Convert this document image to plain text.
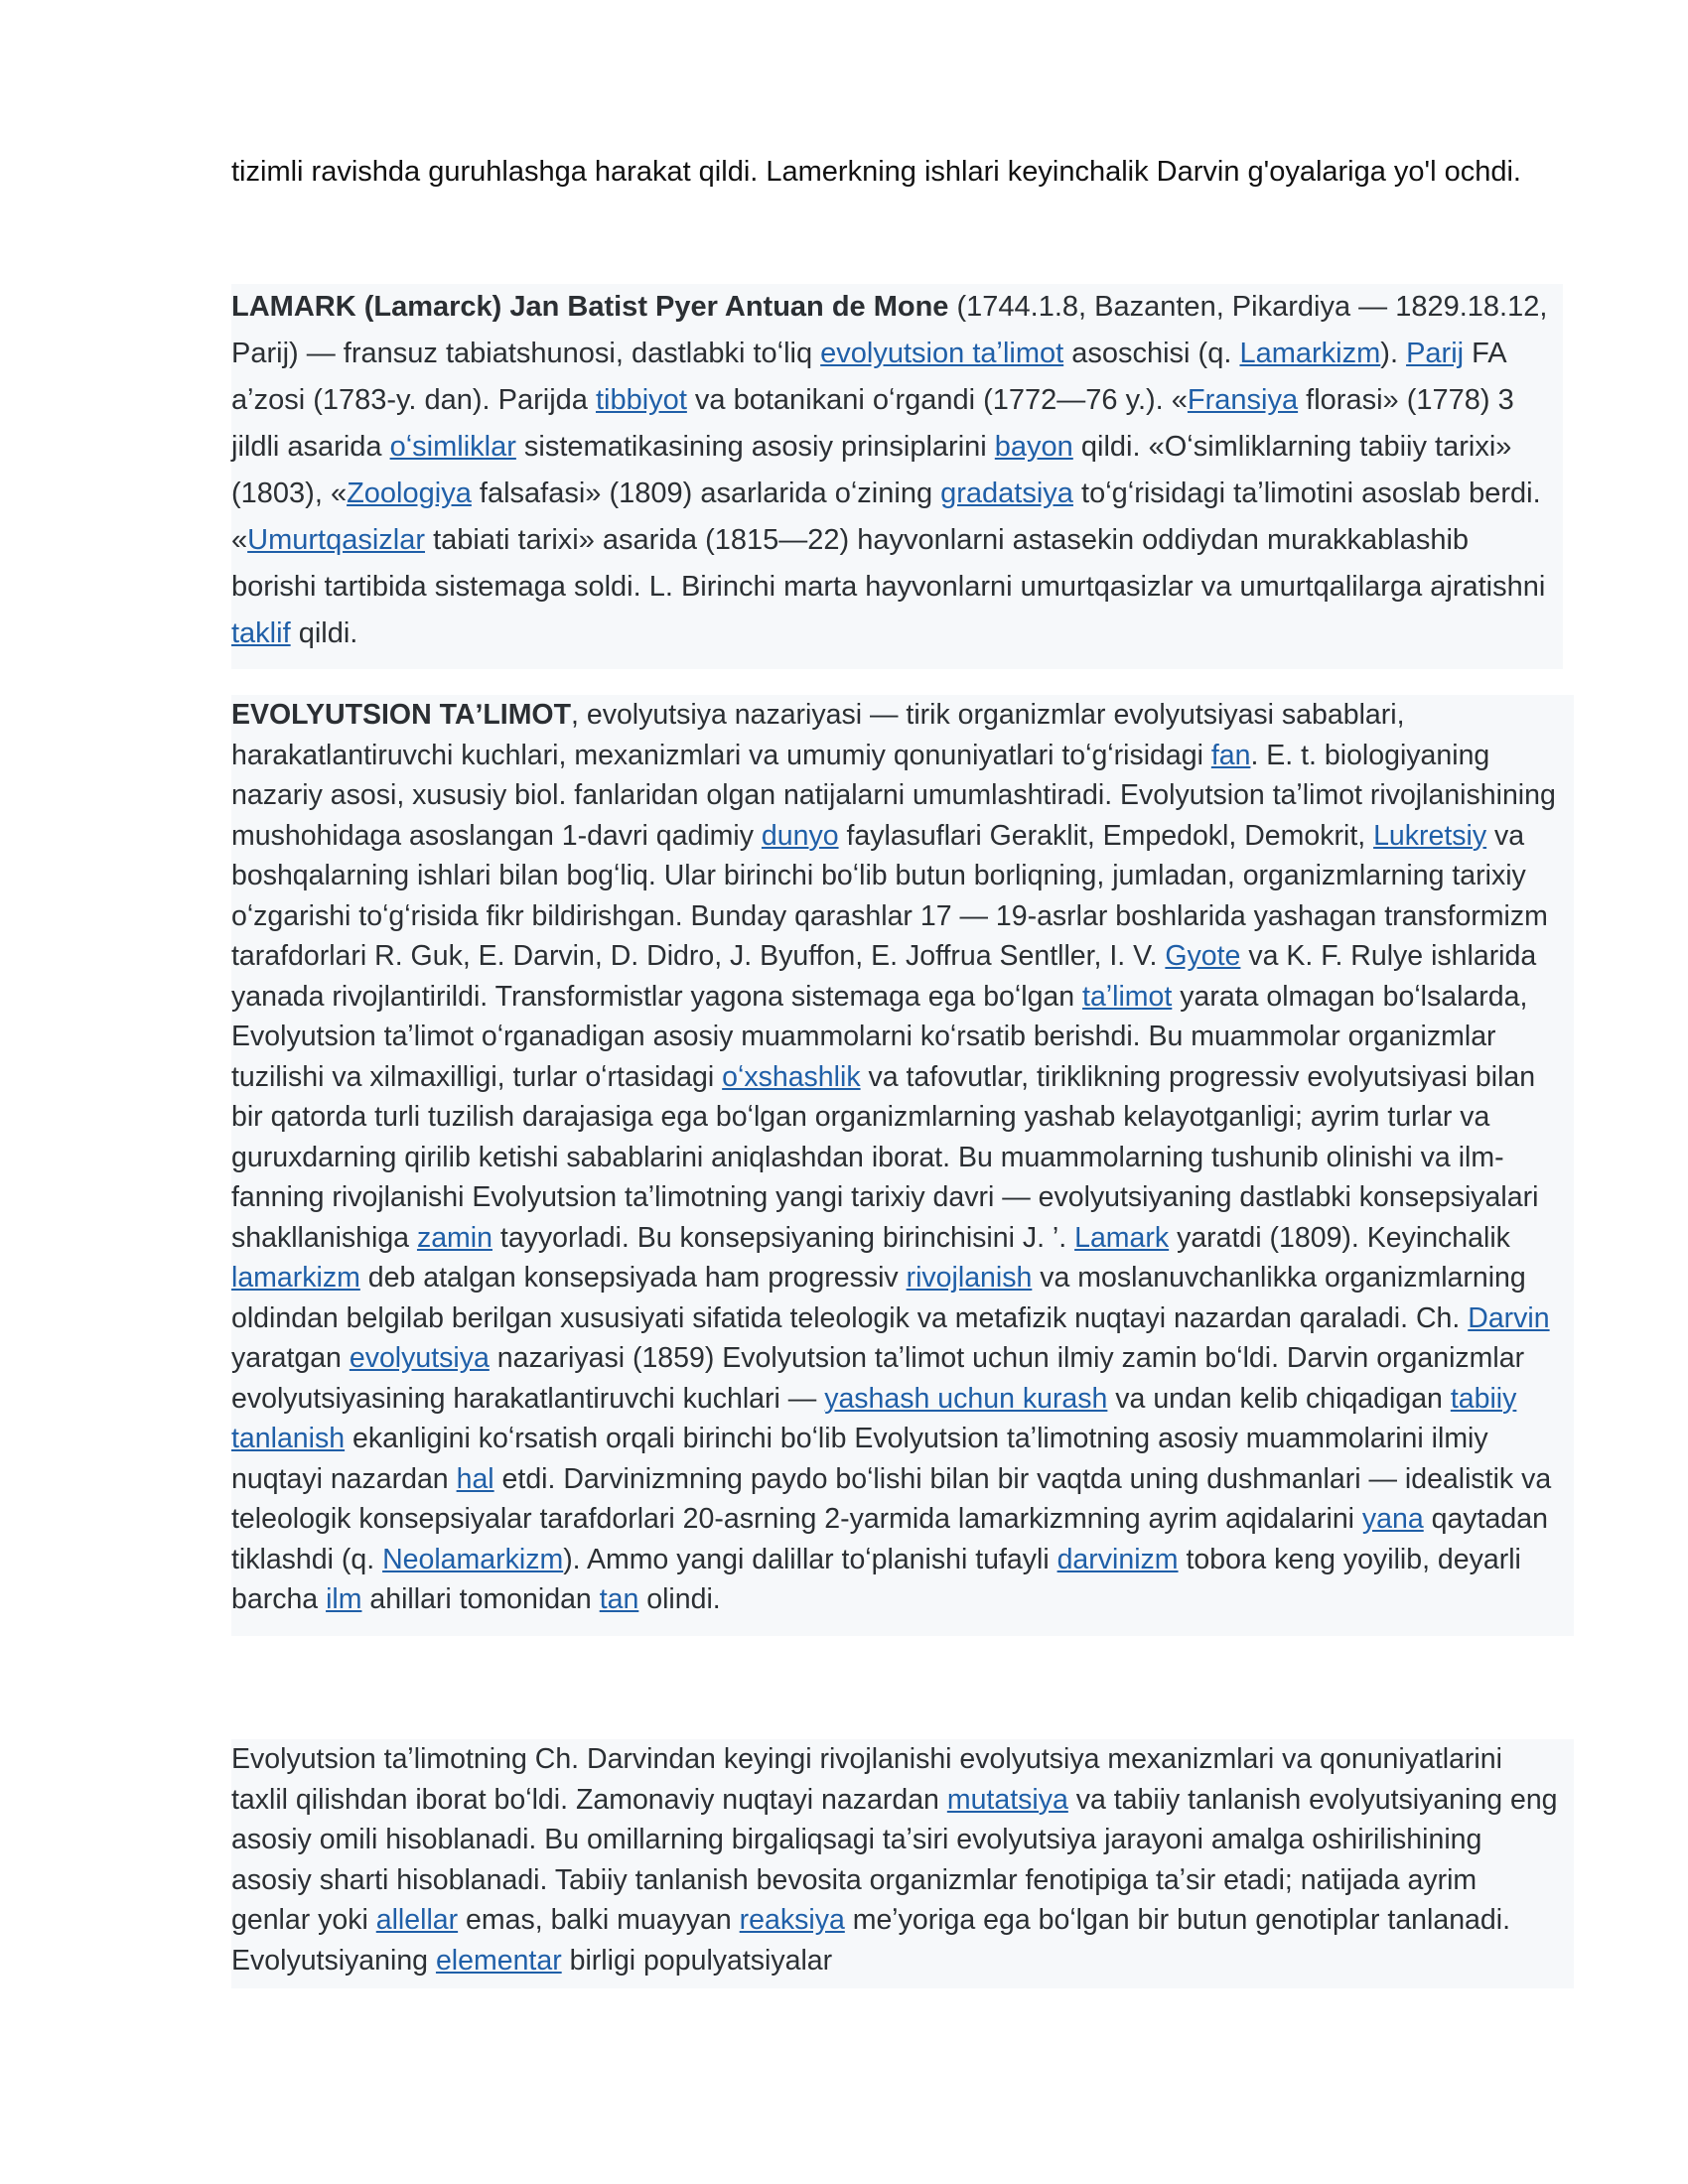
tizimli ravishda guruhlashga harakat qildi. Lamerkning ishlari keyinchalik Darvin g'oyalariga yo'l ochdi.

LAMARK (Lamarck) Jan Batist Pyer Antuan de Mone (1744.1.8, Bazanten, Pikardiya — 1829.18.12, Parij) — fransuz tabiatshunosi, dastlabki toʻliq evolyutsion taʼlimot asoschisi (q. Lamarkizm). Parij FA aʼzosi (1783-y. dan). Parijda tibbiyot va botanikani oʻrgandi (1772—76 y.). «Fransiya florasi» (1778) 3 jildli asarida oʻsimliklar sistematikasining asosiy prinsiplarini bayon qildi. «Oʻsimliklarning tabiiy tarixi» (1803), «Zoologiya falsafasi» (1809) asarlarida oʻzining gradatsiya toʻgʻrisidagi taʼlimotini asoslab berdi. «Umurtqasizlar tabiati tarixi» asarida (1815—22) hayvonlarni astasekin oddiydan murakkablashib borishi tartibida sistemaga soldi. L. Birinchi marta hayvonlarni umurtqasizlar va umurtqalilarga ajratishni taklif qildi.

EVOLYUTSION TAʼLIMOT, evolyutsiya nazariyasi — tirik organizmlar evolyutsiyasi sabablari, harakatlantiruvchi kuchlari, mexanizmlari va umumiy qonuniyatlari toʻgʻrisidagi fan. E. t. biologiyaning nazariy asosi, xususiy biol. fanlaridan olgan natijalarni umumlashtiradi. Evolyutsion taʼlimot rivojlanishining mushohidaga asoslangan 1-davri qadimiy dunyo faylasuflari Geraklit, Empedokl, Demokrit, Lukretsiy va boshqalarning ishlari bilan bogʻliq. Ular birinchi boʻlib butun borliqning, jumladan, organizmlarning tarixiy oʻzgarishi toʻgʻrisida fikr bildirishgan. Bunday qarashlar 17 — 19-asrlar boshlarida yashagan transformizm tarafdorlari R. Guk, E. Darvin, D. Didro, J. Byuffon, E. Joffrua Sentller, I. V. Gyote va K. F. Rulye ishlarida yanada rivojlantirildi. Transformistlar yagona sistemaga ega boʻlgan taʼlimot yarata olmagan boʻlsalarda, Evolyutsion taʼlimot oʻrganadigan asosiy muammolarni koʻrsatib berishdi. Bu muammolar organizmlar tuzilishi va xilmaxilligi, turlar oʻrtasidagi oʻxshashlik va tafovutlar, tiriklikning progressiv evolyutsiyasi bilan bir qatorda turli tuzilish darajasiga ega boʻlgan organizmlarning yashab kelayotganligi; ayrim turlar va guruxdarning qirilib ketishi sabablarini aniqlashdan iborat. Bu muammolarning tushunib olinishi va ilm-fanning rivojlanishi Evolyutsion taʼlimotning yangi tarixiy davri — evolyutsiyaning dastlabki konsepsiyalari shakllanishiga zamin tayyorladi. Bu konsepsiyaning birinchisini J. ’. Lamark yaratdi (1809). Keyinchalik lamarkizm deb atalgan konsepsiyada ham progressiv rivojlanish va moslanuvchanlikka organizmlarning oldindan belgilab berilgan xususiyati sifatida teleologik va metafizik nuqtayi nazardan qaraladi. Ch. Darvin yaratgan evolyutsiya nazariyasi (1859) Evolyutsion taʼlimot uchun ilmiy zamin boʻldi. Darvin organizmlar evolyutsiyasining harakatlantiruvchi kuchlari — yashash uchun kurash va undan kelib chiqadigan tabiiy tanlanish ekanligini koʻrsatish orqali birinchi boʻlib Evolyutsion taʼlimotning asosiy muammolarini ilmiy nuqtayi nazardan hal etdi. Darvinizmning paydo boʻlishi bilan bir vaqtda uning dushmanlari — idealistik va teleologik konsepsiyalar tarafdorlari 20-asrning 2-yarmida lamarkizmning ayrim aqidalarini yana qaytadan tiklashdi (q. Neolamarkizm). Ammo yangi dalillar toʻplanishi tufayli darvinizm tobora keng yoyilib, deyarli barcha ilm ahillari tomonidan tan olindi.

Evolyutsion taʼlimotning Ch. Darvindan keyingi rivojlanishi evolyutsiya mexanizmlari va qonuniyatlarini taxlil qilishdan iborat boʻldi. Zamonaviy nuqtayi nazardan mutatsiya va tabiiy tanlanish evolyutsiyaning eng asosiy omili hisoblanadi. Bu omillarning birgaliqsagi taʼsiri evolyutsiya jarayoni amalga oshirilishining asosiy sharti hisoblanadi. Tabiiy tanlanish bevosita organizmlar fenotipiga taʼsir etadi; natijada ayrim genlar yoki allellar emas, balki muayyan reaksiya meʼyoriga ega boʻlgan bir butun genotiplar tanlanadi. Evolyutsiyaning elementar birligi populyatsiyalar
